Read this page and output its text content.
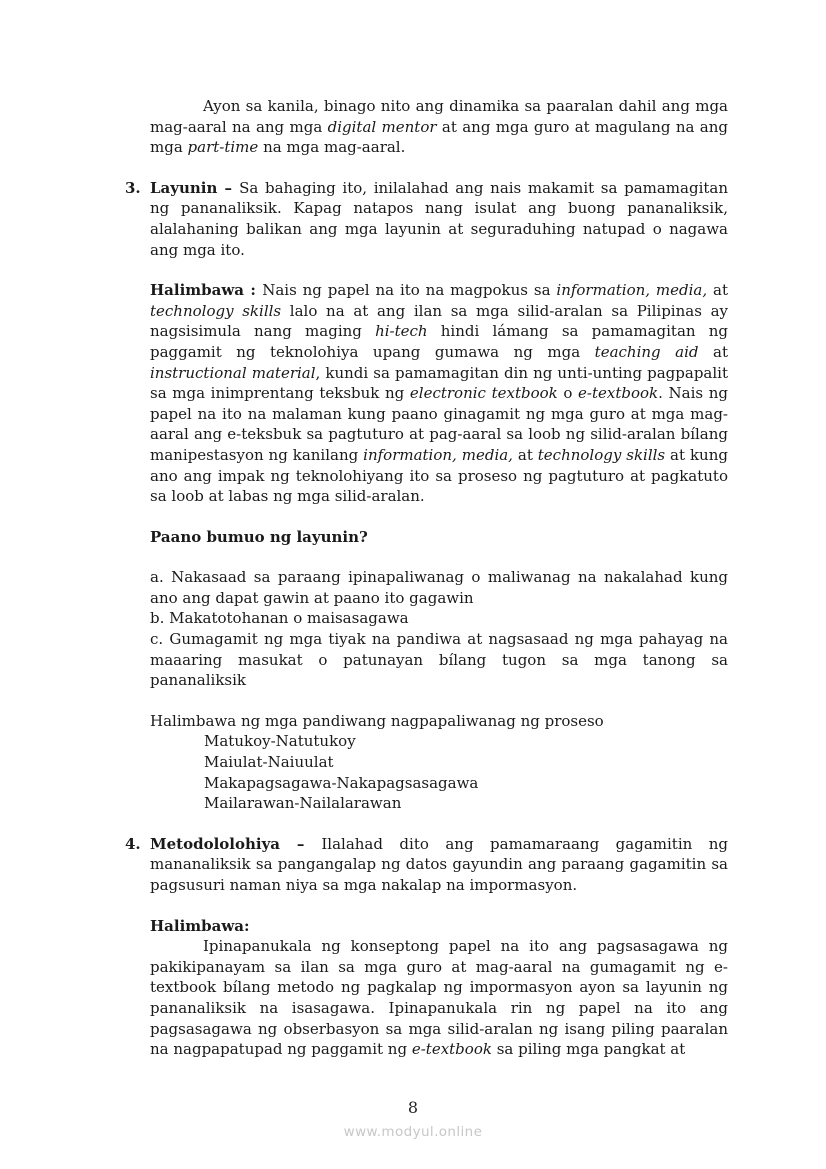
Ayon sa kanila, binago nito ang dinamika sa paaralan dahil ang mga mag-aaral na ang mga digital mentor at ang mga guro at magulang na ang mga part-time na mga mag-aaral.

3. Layunin – Sa bahaging ito, inilalahad ang nais makamit sa pamamagitan ng pananaliksik. Kapag natapos nang isulat ang buong pananaliksik, alalahaning balikan ang mga layunin at seguraduhing natupad o nagawa ang mga ito.

Halimbawa : Nais ng papel na ito na magpokus sa information, media, at technology skills lalo na at ang ilan sa mga silid-aralan sa Pilipinas ay nagsisimula nang maging hi-tech hindi lámang sa pamamagitan ng paggamit ng teknolohiya upang gumawa ng mga teaching aid at instructional material, kundi sa pamamagitan din ng unti-unting pagpapalit sa mga inimprentang teksbuk ng electronic textbook o e-textbook. Nais ng papel na ito na malaman kung paano ginagamit ng mga guro at mga mag-aaral ang e-teksbuk sa pagtuturo at pag-aaral sa loob ng silid-aralan bílang manipestasyon ng kanilang information, media, at technology skills at kung ano ang impak ng teknolohiyang ito sa proseso ng pagtuturo at pagkatuto sa loob at labas ng mga silid-aralan.

Paano bumuo ng layunin?

a. Nakasaad sa paraang ipinapaliwanag o maliwanag na nakalahad kung ano ang dapat gawin at paano ito gagawin

b. Makatotohanan o maisasagawa

c. Gumagamit ng mga tiyak na pandiwa at nagsasaad ng mga pahayag na maaaring masukat o patunayan bílang tugon sa mga tanong sa pananaliksik

Halimbawa ng mga pandiwang nagpapaliwanag ng proseso

Matukoy-Natutukoy

Maiulat-Naiuulat

Makapagsagawa-Nakapagsasagawa

Mailarawan-Nailalarawan

4. Metodololohiya – Ilalahad dito ang pamamaraang gagamitin ng mananaliksik sa pangangalap ng datos gayundin ang paraang gagamitin sa pagsusuri naman niya sa mga nakalap na impormasyon.

Halimbawa:

Ipinapanukala ng konseptong papel na ito ang pagsasagawa ng pakikipanayam sa ilan sa mga guro at mag-aaral na gumagamit ng e-textbook bílang metodo ng pagkalap ng impormasyon ayon sa layunin ng pananaliksik na isasagawa. Ipinapanukala rin ng papel na ito ang pagsasagawa ng obserbasyon sa mga silid-aralan ng isang piling paaralan na nagpapatupad ng paggamit ng e-textbook sa piling mga pangkat at

8
www.modyul.online
